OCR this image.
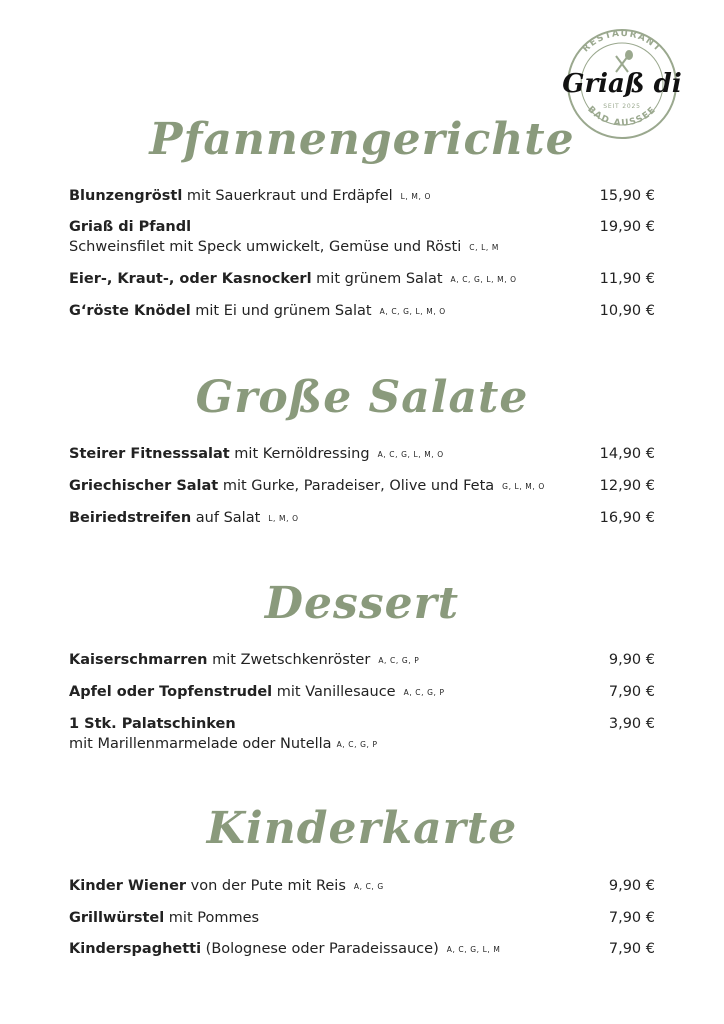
RESTAURANT
BAD AUSSEE
Griaß di
SEIT 2025
Pfannengerichte
Blunzengröstl mit Sauerkraut und Erdäpfel L, M, O	15,90 €
Griaß di Pfandl
Schweinsfilet mit Speck umwickelt, Gemüse und Rösti C, L, M
19,90 €
Eier-, Kraut-, oder Kasnockerl mit grünem Salat A, C, G, L, M, O	11,90 €
G‘röste Knödel mit Ei und grünem Salat A, C, G, L, M, O	10,90 €
Große Salate
Steirer Fitnesssalat mit Kernöldressing A, C, G, L, M, O	14,90 €
Griechischer Salat mit Gurke, Paradeiser, Olive und Feta G, L, M, O	12,90 €
Beiriedstreifen auf Salat L, M, O	16,90 €
Dessert
Kaiserschmarren mit Zwetschkenröster A, C, G, P	9,90 €
Apfel oder Topfenstrudel mit Vanillesauce A, C, G, P	7,90 €
1 Stk. Palatschinken
mit Marillenmarmelade oder Nutella A, C, G, P
3,90 €
Kinderkarte
Kinder Wiener von der Pute mit Reis A, C, G	9,90 €
Grillwürstel mit Pommes	7,90 €
Kinderspaghetti (Bolognese oder Paradeissauce) A, C, G, L, M	7,90 €
